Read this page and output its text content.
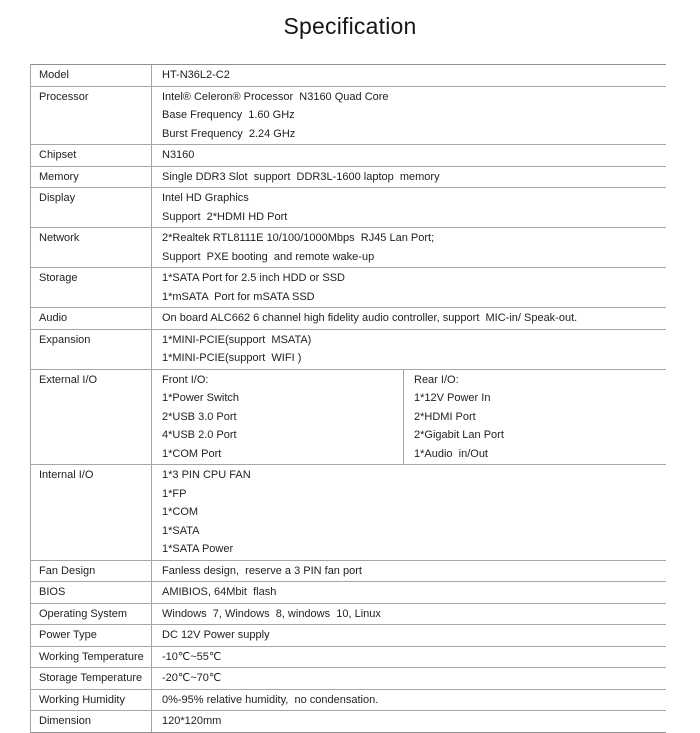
Specification
Model	HT-N36L2-C2
Processor	Intel® Celeron® Processor  N3160 Quad Core
Base Frequency  1.60 GHz
Burst Frequency  2.24 GHz
Chipset	N3160
Memory	Single DDR3 Slot  support  DDR3L-1600 laptop  memory
Display	Intel HD Graphics
Support  2*HDMI HD Port
Network	2*Realtek RTL8111E 10/100/1000Mbps  RJ45 Lan Port;
Support  PXE booting  and remote wake-up
Storage	1*SATA Port for 2.5 inch HDD or SSD
1*mSATA  Port for mSATA SSD
Audio	On board ALC662 6 channel high fidelity audio controller, support  MIC-in/ Speak-out.
Expansion	1*MINI-PCIE(support  MSATA)
1*MINI-PCIE(support  WIFI )
External I/O	Front I/O:
1*Power Switch
2*USB 3.0 Port
4*USB 2.0 Port
1*COM Port
Rear I/O:
1*12V Power In
2*HDMI Port
2*Gigabit Lan Port
1*Audio  in/Out
Internal I/O	1*3 PIN CPU FAN
1*FP
1*COM
1*SATA
1*SATA Power
Fan Design	Fanless design,  reserve a 3 PIN fan port
BIOS	AMIBIOS, 64Mbit  flash
Operating System	Windows  7, Windows  8, windows  10, Linux
Power Type	DC 12V Power supply
Working Temperature	-10℃~55℃
Storage Temperature	-20℃~70℃
Working Humidity	0%-95% relative humidity,  no condensation.
Dimension	120*120mm
